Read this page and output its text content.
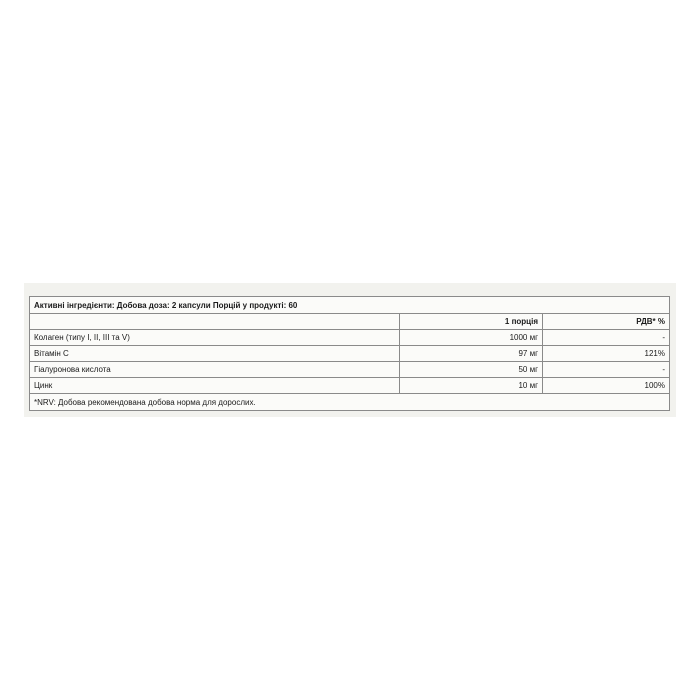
Активні інгредієнти: Добова доза: 2 капсули Порцій у продукті: 60		
	1 порція	РДВ* %
Колаген (типу I, II, III та V)	1000 мг	-
Вітамін С	97 мг	121%
Гіалуронова кислота	50 мг	-
Цинк	10 мг	100%
*NRV: Добова рекомендована добова норма для дорослих.		
